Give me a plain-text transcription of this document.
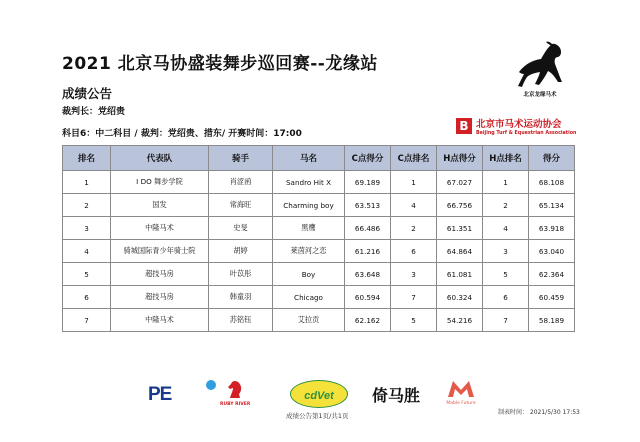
2021 北京马协盛装舞步巡回赛--龙缘站
成绩公告
裁判长：党绍贵
科目6：中二科目 / 裁判：党绍贵、措东/ 开赛时间：17:00
北京龙缘马术
B 北京市马术运动协会
Beijing Turf & Equestrian Association
排名	代表队	骑手	马名	C点得分	C点排名	H点得分	H点排名	得分
1	I DO 舞步学院	肖涩函	Sandro Hit X	69.189	1	67.027	1	68.108
2	国发	常海旺	Charming boy	63.513	4	66.756	2	65.134
3	中隆马术	史旻	黑鹰	66.486	2	61.351	4	63.918
4	骑城国际青少年骑士院	胡婷	莱茵河之恋	61.216	6	64.864	3	63.040
5	超技马房	叶苡彤	Boy	63.648	3	61.081	5	62.364
6	超技马房	韩童羽	Chicago	60.594	7	60.324	6	60.459
7	中隆马术	苏铭钰	艾拉贡	62.162	5	54.216	7	58.189
PE	RUBY RIVER
cdVet	倚马胜	Mable Future
成绩公告第1页/共1页	制表时间： 2021/5/30 17:53
